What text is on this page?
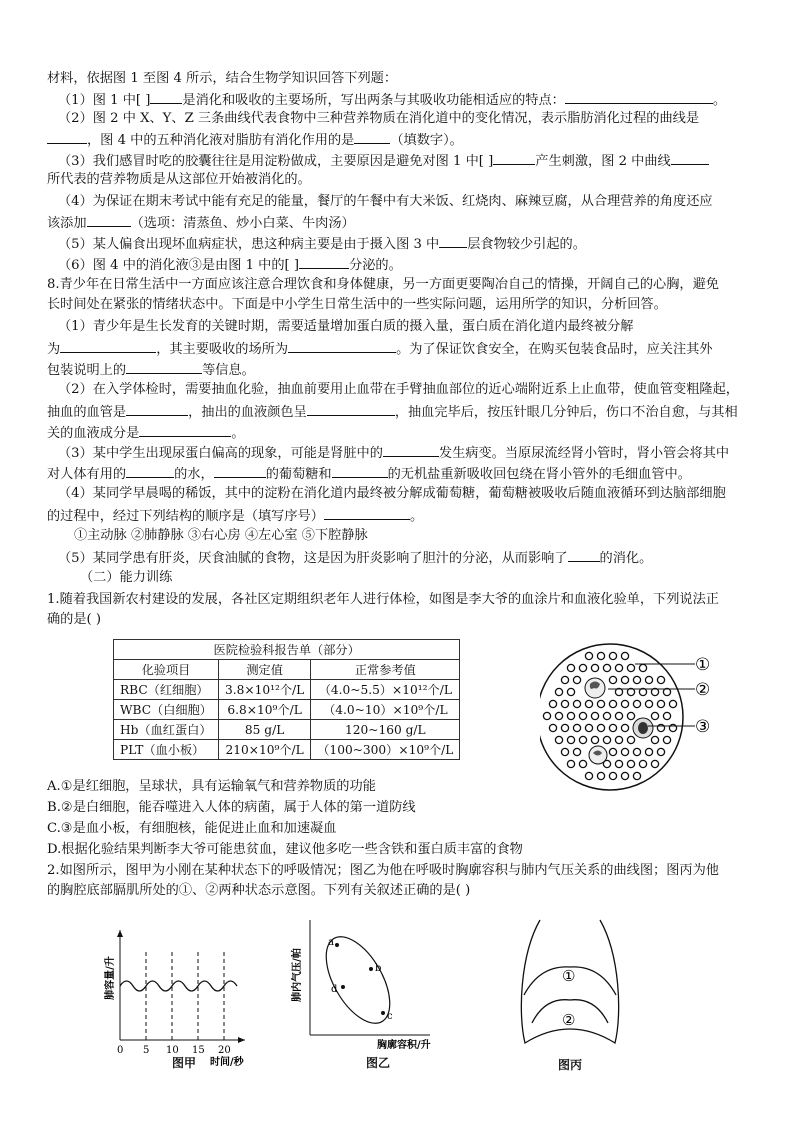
材料，依据图 1 至图 4 所示，结合生物学知识回答下列题：
（1）图 1 中[ ] 是消化和吸收的主要场所，写出两条与其吸收功能相适应的特点：	。
（2）图 2 中 X、Y、Z 三条曲线代表食物中三种营养物质在消化道中的变化情况，表示脂肪消化过程的曲线是
，图 4 中的五种消化液对脂肪有消化作用的是	（填数字）。
（3）我们感冒时吃的胶囊往往是用淀粉做成，主要原因是避免对图 1 中[ ]	产生刺激，图 2 中曲线
所代表的营养物质是从这部位开始被消化的。
（4）为保证在期末考试中能有充足的能量，餐厅的午餐中有大米饭、红烧肉、麻辣豆腐，从合理营养的角度还应
该添加	（选项：清蒸鱼、炒小白菜、牛肉汤）
（5）某人偏食出现坏血病症状，患这种病主要是由于摄入图 3 中 层食物较少引起的。
（6）图 4 中的消化液③是由图 1 中的[ ]	分泌的。
8.青少年在日常生活中一方面应该注意合理饮食和身体健康，另一方面更要陶冶自己的情操，开阔自己的心胸，避免
长时间处在紧张的情绪状态中。下面是中小学生日常生活中的一些实际问题，运用所学的知识，分析回答。
（1）青少年是生长发育的关键时期，需要适量增加蛋白质的摄入量，蛋白质在消化道内最终被分解
为	，其主要吸收的场所为	。为了保证饮食安全，在购买包装食品时，应关注其外
包装说明上的	等信息。
（2）在入学体检时，需要抽血化验，抽血前要用止血带在手臂抽血部位的近心端附近系上止血带，使血管变粗隆起，
抽血的血管是	，抽出的血液颜色呈	，抽血完毕后，按压针眼几分钟后，伤口不治自愈，与其相
关的血液成分是	。
（3）某中学生出现尿蛋白偏高的现象，可能是肾脏中的	发生病变。当原尿流经肾小管时，肾小管会将其中
对人体有用的	的水，	的葡萄糖和	的无机盐重新吸收回包绕在肾小管外的毛细血管中。
（4）某同学早晨喝的稀饭，其中的淀粉在消化道内最终被分解成葡萄糖，葡萄糖被吸收后随血液循环到达脑部细胞
的过程中，经过下列结构的顺序是（填写序号）	。
①主动脉 ②肺静脉 ③右心房 ④左心室 ⑤下腔静脉
（5）某同学患有肝炎，厌食油腻的食物，这是因为肝炎影响了胆汁的分泌，从而影响了 的消化。
（二）能力训练
1.随着我国新农村建设的发展，各社区定期组织老年人进行体检，如图是李大爷的血涂片和血液化验单，下列说法正
确的是( )
医院检验科报告单（部分）		
化验项目	测定值	正常参考值
RBC（红细胞）	3.8×10¹²个/L	（4.0~5.5）×10¹²个/L
WBC（白细胞）	6.8×10⁹个/L	（4.0~10）×10⁹个/L
Hb（血红蛋白）	85 g/L	120~160 g/L
PLT（血小板）	210×10⁹个/L	（100~300）×10⁹个/L
①
②
③
A.①是红细胞，呈球状，具有运输氧气和营养物质的功能
B.②是白细胞，能吞噬进入人体的病菌，属于人体的第一道防线
C.③是血小板，有细胞核，能促进止血和加速凝血
D.根据化验结果判断李大爷可能患贫血，建议他多吃一些含铁和蛋白质丰富的食物
2.如图所示，图甲为小刚在某种状态下的呼吸情况；图乙为他在呼吸时胸廓容积与肺内气压关系的曲线图；图丙为他
的胸腔底部膈肌所处的①、②两种状态示意图。下列有关叙述正确的是( )
0 5 10 15 20
时间/秒
肺容量/升
图甲
a
b
c
d
胸廓容积/升
肺内气压/帕
图乙
①
②
图丙
